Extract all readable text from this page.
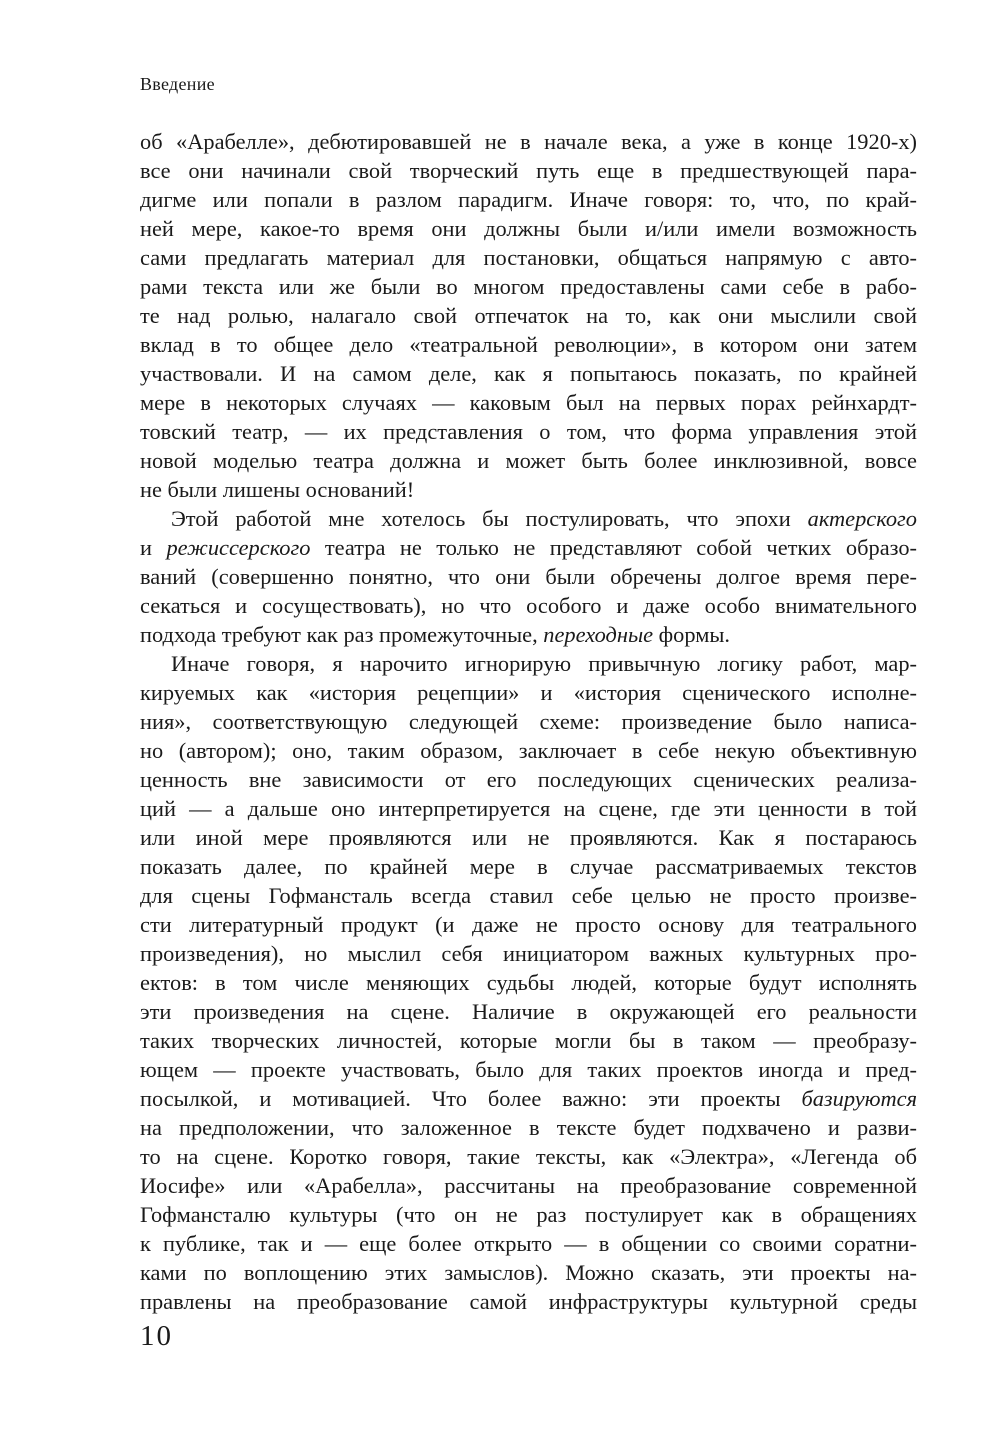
Введение
об «Арабелле», дебютировавшей не в начале века, а уже в конце 1920-х)
все они начинали свой творческий путь еще в предшествующей пара-
дигме или попали в разлом парадигм. Иначе говоря: то, что, по край-
ней мере, какое-то время они должны были и/или имели возможность
сами предлагать материал для постановки, общаться напрямую с авто-
рами текста или же были во многом предоставлены сами себе в рабо-
те над ролью, налагало свой отпечаток на то, как они мыслили свой
вклад в то общее дело «театральной революции», в котором они затем
участвовали. И на самом деле, как я попытаюсь показать, по крайней
мере в некоторых случаях — каковым был на первых порах рейнхардт-
товский театр, — их представления о том, что форма управления этой
новой моделью театра должна и может быть более инклюзивной, вовсе
не были лишены оснований!
Этой работой мне хотелось бы постулировать, что эпохи актерского
и режиссерского театра не только не представляют собой четких образо-
ваний (совершенно понятно, что они были обречены долгое время пере-
секаться и сосуществовать), но что особого и даже особо внимательного
подхода требуют как раз промежуточные, переходные формы.
Иначе говоря, я нарочито игнорирую привычную логику работ, мар-
кируемых как «история рецепции» и «история сценического исполне-
ния», соответствующую следующей схеме: произведение было написа-
но (автором); оно, таким образом, заключает в себе некую объективную
ценность вне зависимости от его последующих сценических реализа-
ций — а дальше оно интерпретируется на сцене, где эти ценности в той
или иной мере проявляются или не проявляются. Как я постараюсь
показать далее, по крайней мере в случае рассматриваемых текстов
для сцены Гофмансталь всегда ставил себе целью не просто произве-
сти литературный продукт (и даже не просто основу для театрального
произведения), но мыслил себя инициатором важных культурных про-
ектов: в том числе меняющих судьбы людей, которые будут исполнять
эти произведения на сцене. Наличие в окружающей его реальности
таких творческих личностей, которые могли бы в таком — преобразу-
ющем — проекте участвовать, было для таких проектов иногда и пред-
посылкой, и мотивацией. Что более важно: эти проекты базируются
на предположении, что заложенное в тексте будет подхвачено и разви-
то на сцене. Коротко говоря, такие тексты, как «Электра», «Легенда об
Иосифе» или «Арабелла», рассчитаны на преобразование современной
Гофмансталю культуры (что он не раз постулирует как в обращениях
к публике, так и — еще более открыто — в общении со своими соратни-
ками по воплощению этих замыслов). Можно сказать, эти проекты на-
правлены на преобразование самой инфраструктуры культурной среды
10
